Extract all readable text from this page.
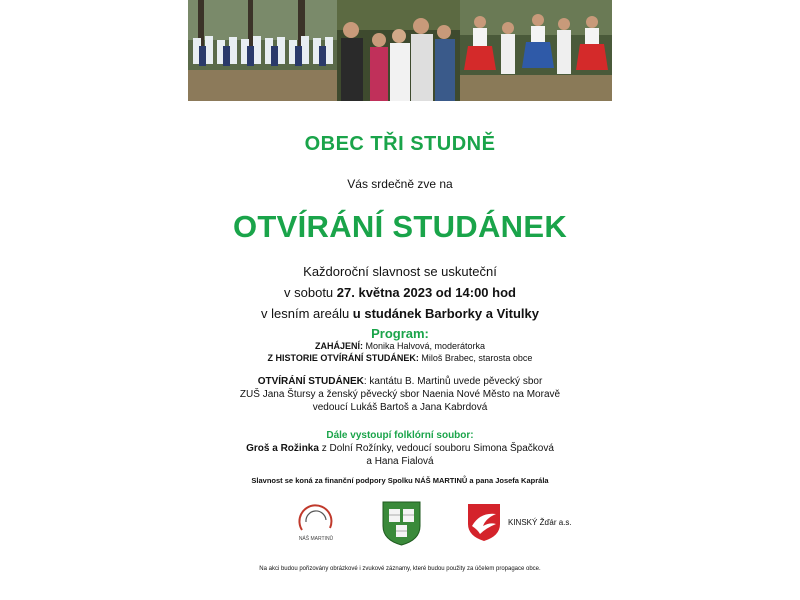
OBEC TŘI STUDNĚ
Vás srdečně zve na
OTVÍRÁNÍ STUDÁNEK
Každoroční slavnost se uskuteční
v sobotu 27. května 2023 od 14:00 hod
v lesním areálu u studánek Barborky a Vitulky
Program:
ZAHÁJENÍ: Monika Halvová, moderátorka
Z HISTORIE OTVÍRÁNÍ STUDÁNEK: Miloš Brabec, starosta obce
OTVÍRÁNÍ STUDÁNEK: kantátu B. Martinů uvede pěvecký sbor
ZUŠ Jana Štursy a ženský pěvecký sbor Naenia Nové Město na Moravě
vedoucí Lukáš Bartoš a Jana Kabrdová
Dále vystoupí folklórní soubor:
Groš a Rožinka z Dolní Rožínky, vedoucí souboru Simona Špačková
a Hana Fialová
Slavnost se koná za finanční podpory Spolku NÁŠ MARTINŮ a pana Josefa Kaprála
NÁŠ MARTINŮ
KINSKÝ Žďár a.s.
Na akci budou pořizovány obrázkové i zvukové záznamy, které budou použity za účelem propagace obce.
